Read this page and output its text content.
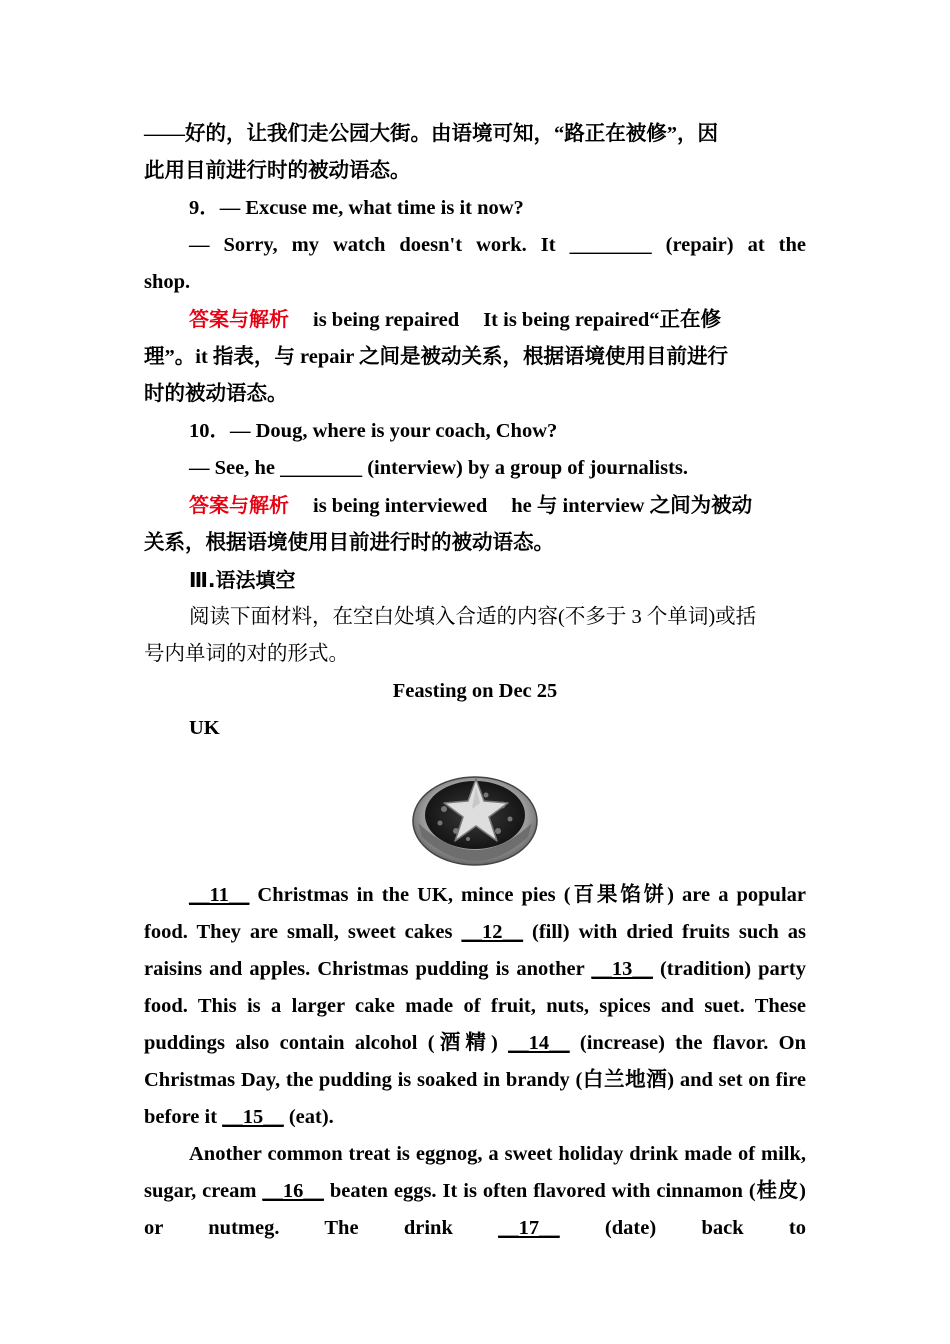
——好的，让我们走公园大街。由语境可知，“路正在被修”，因

此用目前进行时的被动语态。

9．— Excuse me, what time is it now?

— Sorry, my watch doesn't work. It ________ (repair) at the

shop.

答案与解析 is being repaired It is being repaired“正在修

理”。it 指表，与 repair 之间是被动关系，根据语境使用目前进行

时的被动语态。

10．— Doug, where is your coach, Chow?

— See, he ________ (interview) by a group of journalists.

答案与解析 is being interviewed he 与 interview 之间为被动

关系，根据语境使用目前进行时的被动语态。

Ⅲ.语法填空

阅读下面材料，在空白处填入合适的内容(不多于 3 个单词)或括

号内单词的对的形式。

Feasting on Dec 25

UK

__11__ Christmas in the UK, mince pies (百果馅饼) are a popular food. They are small, sweet cakes __12__ (fill) with dried fruits such as raisins and apples. Christmas pudding is another __13__ (tradition) party food. This is a larger cake made of fruit, nuts, spices and suet. These puddings also contain alcohol (酒精) __14__ (increase) the flavor. On Christmas Day, the pudding is soaked in brandy (白兰地酒) and set on fire before it __15__ (eat).

Another common treat is eggnog, a sweet holiday drink made of milk, sugar, cream __16__ beaten eggs. It is often flavored with cinnamon (桂皮) or nutmeg. The drink __17__ (date) back to
